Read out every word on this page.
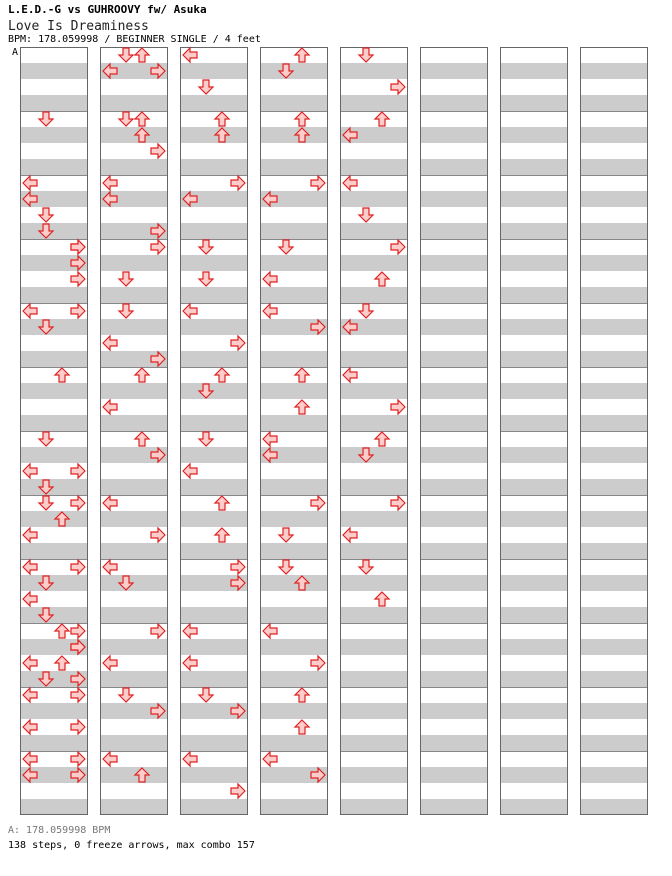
L.E.D.-G vs GUHROOVY fw/ Asuka
Love Is Dreaminess
BPM: 178.059998 / BEGINNER SINGLE / 4 feet
A
A: 178.059998 BPM
138 steps, 0 freeze arrows, max combo 157
